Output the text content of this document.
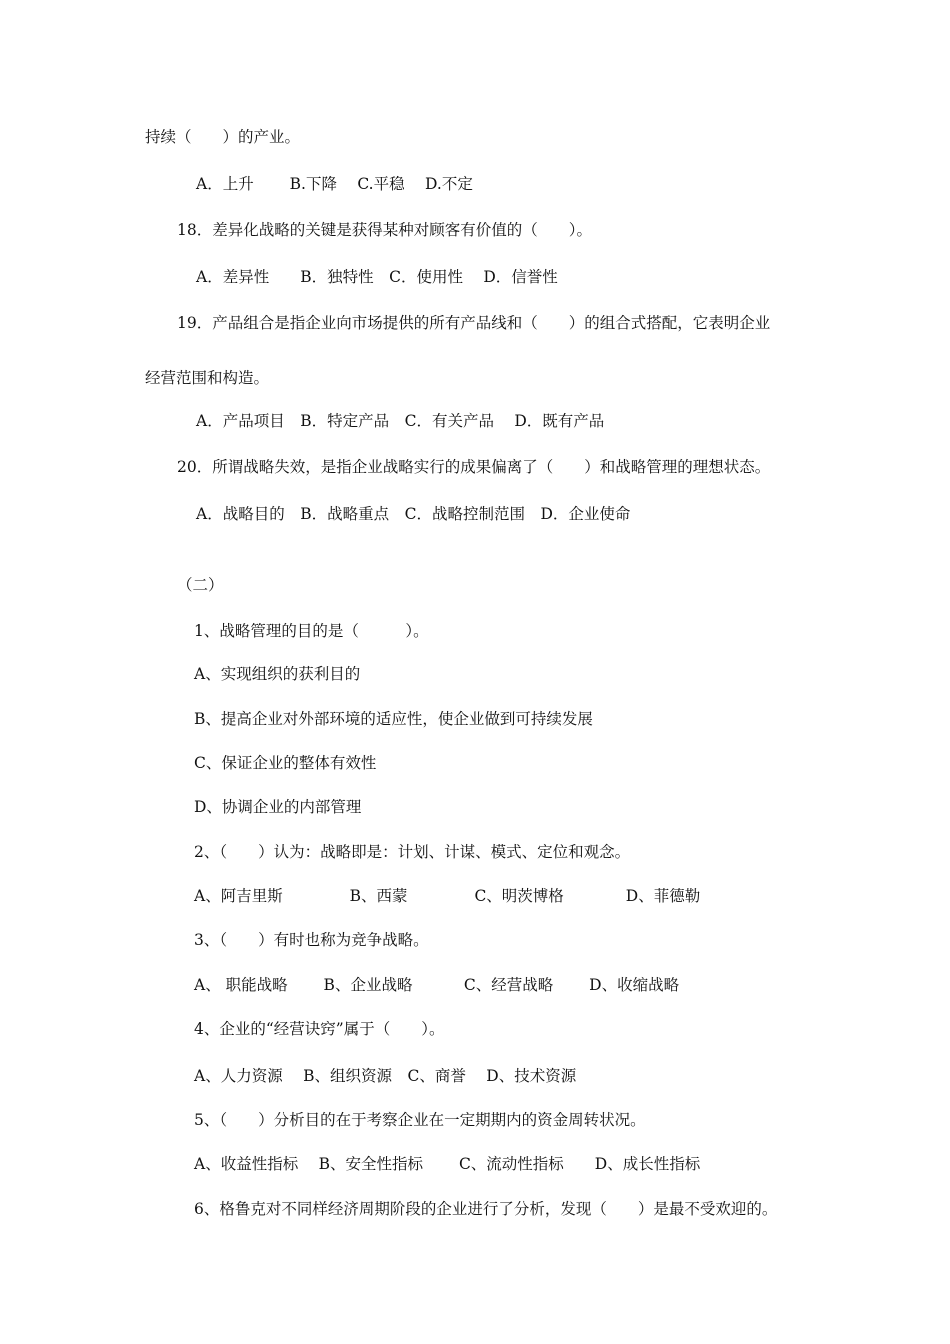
持续（　　）的产业。
A．上升　　 B.下降　 C.平稳　 D.不定
18．差异化战略的关键是获得某种对顾客有价值的（　　）。
A．差异性　　B．独特性　C．使用性　 D．信誉性
19．产品组合是指企业向市场提供的所有产品线和（　　）的组合式搭配，它表明企业
经营范围和构造。
A．产品项目　B．特定产品　C．有关产品　 D．既有产品
20．所谓战略失效，是指企业战略实行的成果偏离了（　　）和战略管理的理想状态。
A．战略目的　B．战略重点　C．战略控制范围　D．企业使命
（二）
1、战略管理的目的是（　　　）。
A、实现组织的获利目的
B、提高企业对外部环境的适应性，使企业做到可持续发展
C、保证企业的整体有效性
D、协调企业的内部管理
2、（　　）认为：战略即是：计划、计谋、模式、定位和观念。
A、阿吉里斯　　　　 B、西蒙　　　　 C、明茨博格　　　　D、菲德勒
3、（　　）有时也称为竞争战略。
A、 职能战略　　 B、企业战略　　　 C、经营战略　　 D、收缩战略
4、企业的“经营诀窍”属于（　　）。
A、人力资源　 B、组织资源　C、商誉　 D、技术资源
5、（　　）分析目的在于考察企业在一定期期内的资金周转状况。
A、收益性指标　 B、安全性指标　　 C、流动性指标　　D、成长性指标
6、格鲁克对不同样经济周期阶段的企业进行了分析，发现（　　）是最不受欢迎的。
